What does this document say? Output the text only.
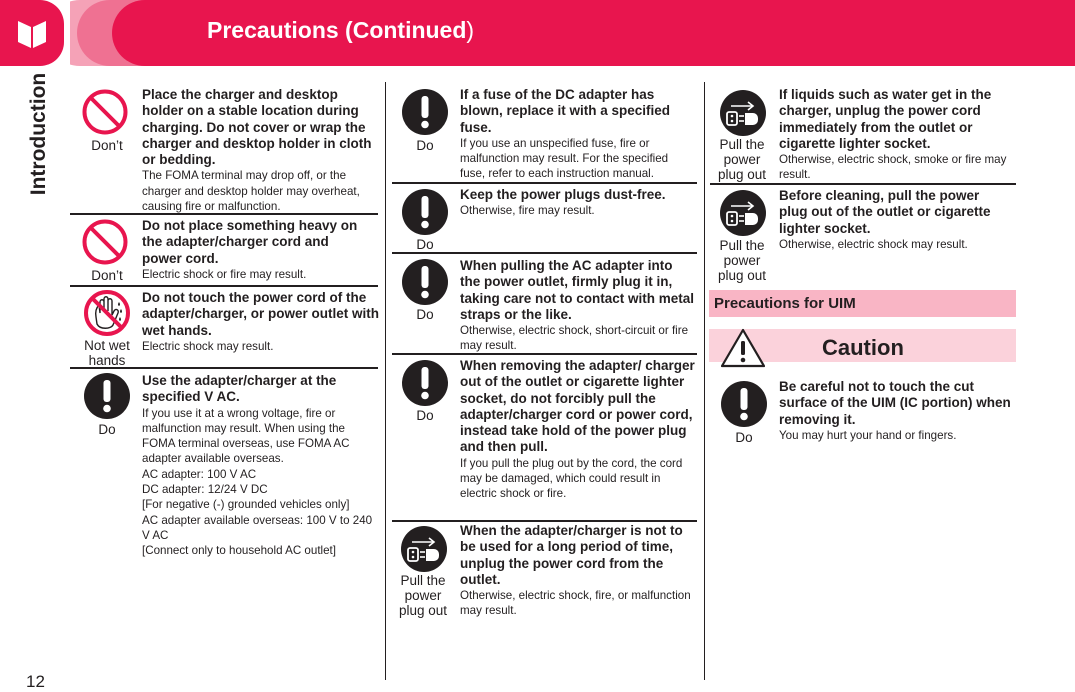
Precautions (Continued)
Introduction
12
Don’t
Place the charger and desktop holder on a stable location during charging. Do not cover or wrap the charger and desktop holder in cloth or bedding.
The FOMA terminal may drop off, or the charger and desktop holder may overheat, causing fire or malfunction.
Don’t
Do not place something heavy on the adapter/charger cord and power cord.
Electric shock or fire may result.
Not wet hands
Do not touch the power cord of the adapter/charger, or power outlet with wet hands.
Electric shock may result.
Do
Use the adapter/charger at the specified V AC.
If you use it at a wrong voltage, fire or malfunction may result. When using the FOMA terminal overseas, use FOMA AC adapter available overseas.
AC adapter: 100 V AC
DC adapter: 12/24 V DC
[For negative (-) grounded vehicles only]
AC adapter available overseas: 100 V to 240 V AC
[Connect only to household AC outlet]
Do
If a fuse of the DC adapter has blown, replace it with a specified fuse.
If you use an unspecified fuse, fire or malfunction may result. For the specified fuse, refer to each instruction manual.
Do
Keep the power plugs dust-free.
Otherwise, fire may result.
Do
When pulling the AC adapter into the power outlet, firmly plug it in, taking care not to contact with metal straps or the like.
Otherwise, electric shock, short-circuit or fire may result.
Do
When removing the adapter/ charger out of the outlet or cigarette lighter socket, do not forcibly pull the adapter/charger cord or power cord, instead take hold of the power plug and then pull.
If you pull the plug out by the cord, the cord may be damaged, which could result in electric shock or fire.
Pull the power plug out
When the adapter/charger is not to be used for a long period of time, unplug the power cord from the outlet.
Otherwise, electric shock, fire, or malfunction may result.
Pull the power plug out
If liquids such as water get in the charger, unplug the power cord immediately from the outlet or cigarette lighter socket.
Otherwise, electric shock, smoke or fire may result.
Pull the power plug out
Before cleaning, pull the power plug out of the outlet or cigarette lighter socket.
Otherwise, electric shock may result.
Precautions for UIM
Caution
Do
Be careful not to touch the cut surface of the UIM (IC portion) when removing it.
You may hurt your hand or fingers.
